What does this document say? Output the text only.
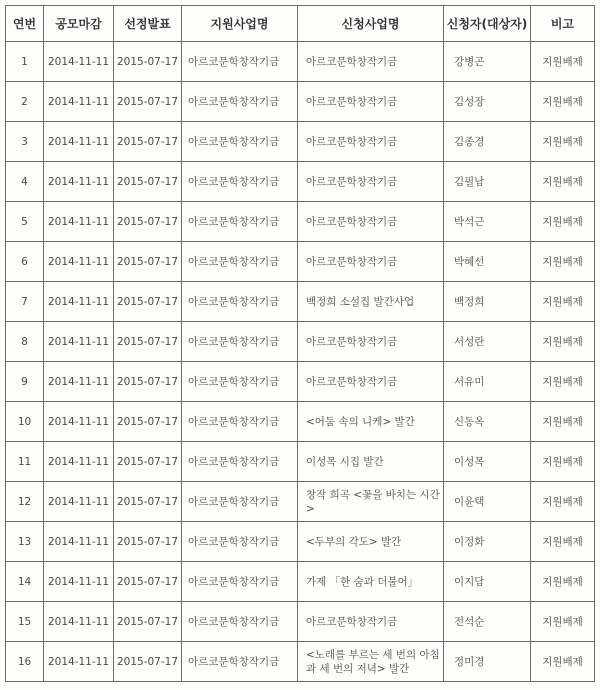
연번	공모마감	선정발표	지원사업명	신청사업명	신청자(대상자)	비고
1	2014-11-11	2015-07-17	아르코문학창작기금	아르코문학창작기금	강병곤	지원배제
2	2014-11-11	2015-07-17	아르코문학창작기금	아르코문학창작기금	김성장	지원배제
3	2014-11-11	2015-07-17	아르코문학창작기금	아르코문학창작기금	김종경	지원배제
4	2014-11-11	2015-07-17	아르코문학창작기금	아르코문학창작기금	김필남	지원배제
5	2014-11-11	2015-07-17	아르코문학창작기금	아르코문학창작기금	박석근	지원배제
6	2014-11-11	2015-07-17	아르코문학창작기금	아르코문학창작기금	박혜선	지원배제
7	2014-11-11	2015-07-17	아르코문학창작기금	백정희 소설집 발간사업	백정희	지원배제
8	2014-11-11	2015-07-17	아르코문학창작기금	아르코문학창작기금	서성란	지원배제
9	2014-11-11	2015-07-17	아르코문학창작기금	아르코문학창작기금	서유미	지원배제
10	2014-11-11	2015-07-17	아르코문학창작기금	<어둠 속의 니케> 발간	신동옥	지원배제
11	2014-11-11	2015-07-17	아르코문학창작기금	이성목 시집 발간	이성목	지원배제
12	2014-11-11	2015-07-17	아르코문학창작기금	창작 희곡 <꽃을 바치는 시간>	이윤택	지원배제
13	2014-11-11	2015-07-17	아르코문학창작기금	<두부의 각도> 발간	이정화	지원배제
14	2014-11-11	2015-07-17	아르코문학창작기금	가제 「한 숨과 더불어」	이지담	지원배제
15	2014-11-11	2015-07-17	아르코문학창작기금	아르코문학창작기금	전석순	지원배제
16	2014-11-11	2015-07-17	아르코문학창작기금	<노래를 부르는 세 번의 아침과 세 번의 저녁> 발간	정미경	지원배제
